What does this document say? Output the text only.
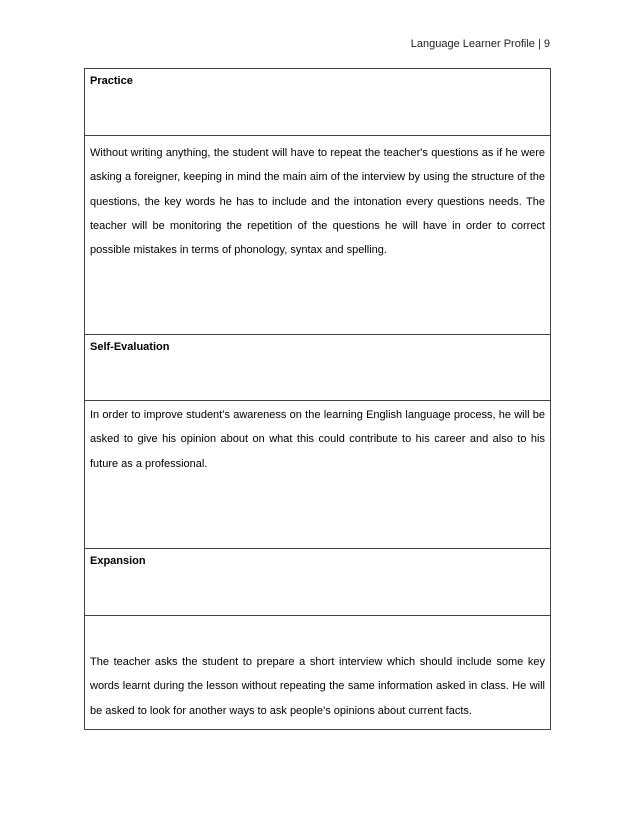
Language Learner Profile | 9
Practice
Without writing anything, the student will have to repeat the teacher's questions as if he were asking a foreigner, keeping in mind the main aim of the interview by using the structure of the questions, the key words he has to include and the intonation every questions needs. The teacher will be monitoring the repetition of the questions he will have in order to correct possible mistakes in terms of phonology, syntax and spelling.
Self-Evaluation
In order to improve student’s awareness on the learning English language process, he will be asked to give his opinion about on what this could contribute to his career and also to his future as a professional.
Expansion
The teacher asks the student to prepare a short interview which should include some key words learnt during the lesson without repeating the same information asked in class. He will be asked to look for another ways to ask people’s opinions about current facts.
